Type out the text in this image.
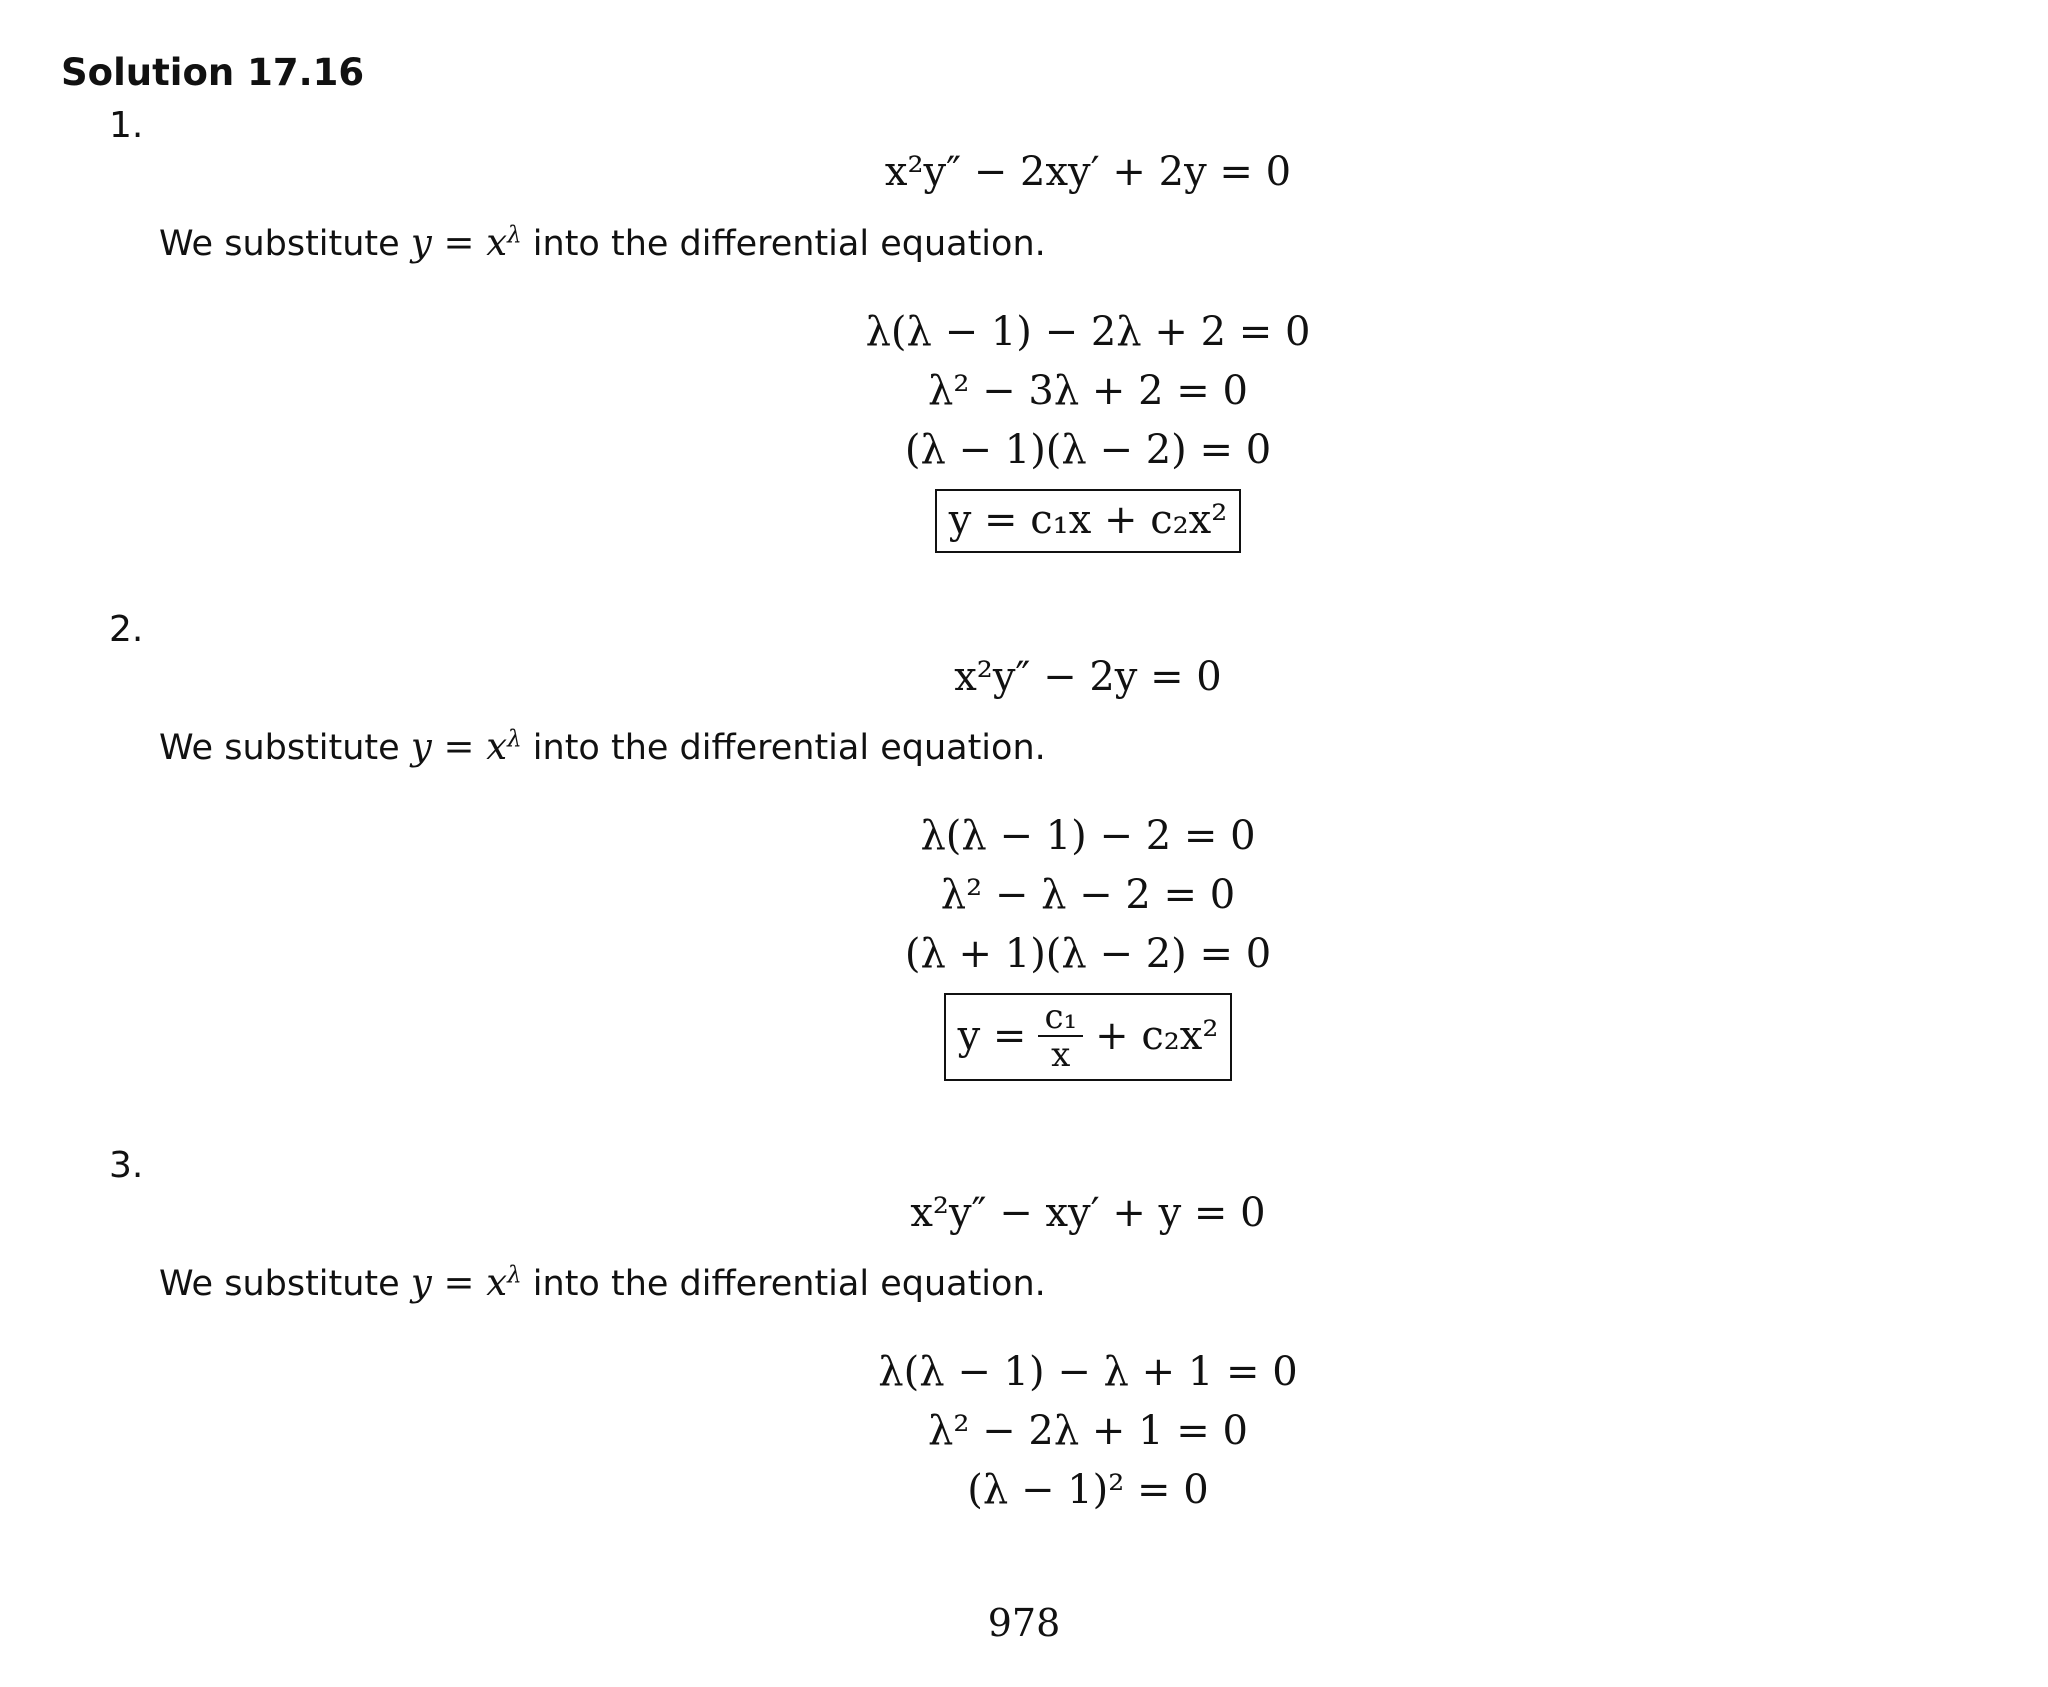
Solution 17.16
1.
x²y″ − 2xy′ + 2y = 0
We substitute $y = x^\lambda$ into the differential equation.
λ(λ − 1) − 2λ + 2 = 0
λ² − 3λ + 2 = 0
(λ − 1)(λ − 2) = 0
y = c₁x + c₂x²
2.
x²y″ − 2y = 0
We substitute $y = x^\lambda$ into the differential equation.
λ(λ − 1) − 2 = 0
λ² − λ − 2 = 0
(λ + 1)(λ − 2) = 0
$y = \frac{\text{c₁}}{x} + c_2x^2$
3.
x²y″ − xy′ + y = 0
We substitute $y = x^\lambda$ into the differential equation.
λ(λ − 1) − λ + 1 = 0
λ² − 2λ + 1 = 0
(λ − 1)² = 0
978
